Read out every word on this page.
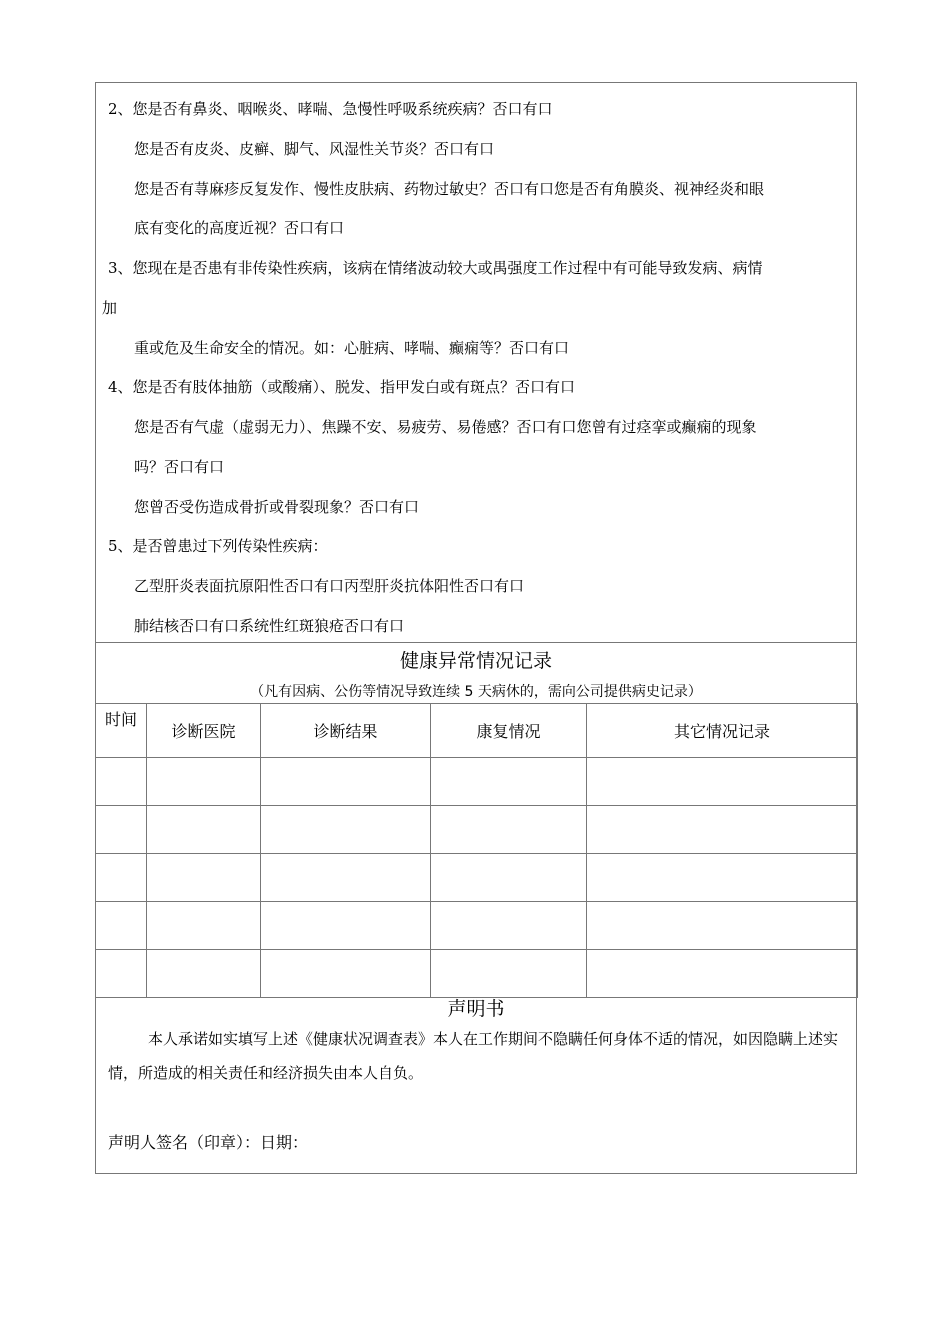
2、您是否有鼻炎、咽喉炎、哮喘、急慢性呼吸系统疾病？否口有口
您是否有皮炎、皮癣、脚气、风湿性关节炎？否口有口
您是否有荨麻疹反复发作、慢性皮肤病、药物过敏史？否口有口您是否有角膜炎、视神经炎和眼
底有变化的高度近视？否口有口
3、您现在是否患有非传染性疾病，该病在情绪波动较大或禺强度工作过程中有可能导致发病、病情
加
重或危及生命安全的情况。如：心脏病、哮喘、癫痫等？否口有口
4、您是否有肢体抽筋（或酸痛）、脱发、指甲发白或有斑点？否口有口
您是否有气虚（虚弱无力）、焦躁不安、易疲劳、易倦感？否口有口您曾有过痉挛或癫痫的现象
吗？否口有口
您曾否受伤造成骨折或骨裂现象？否口有口
5、是否曾患过下列传染性疾病：
乙型肝炎表面抗原阳性否口有口丙型肝炎抗体阳性否口有口
肺结核否口有口系统性红斑狼疮否口有口
健康异常情况记录
（凡有因病、公伤等情况导致连续 5 天病休的，需向公司提供病史记录）
时间	诊断医院	诊断结果	康复情况	其它情况记录

声明书
本人承诺如实填写上述《健康状况调查表》本人在工作期间不隐瞒任何身体不适的情况，如因隐瞒上述实情，所造成的相关责任和经济损失由本人自负。
声明人签名（印章）：日期：
